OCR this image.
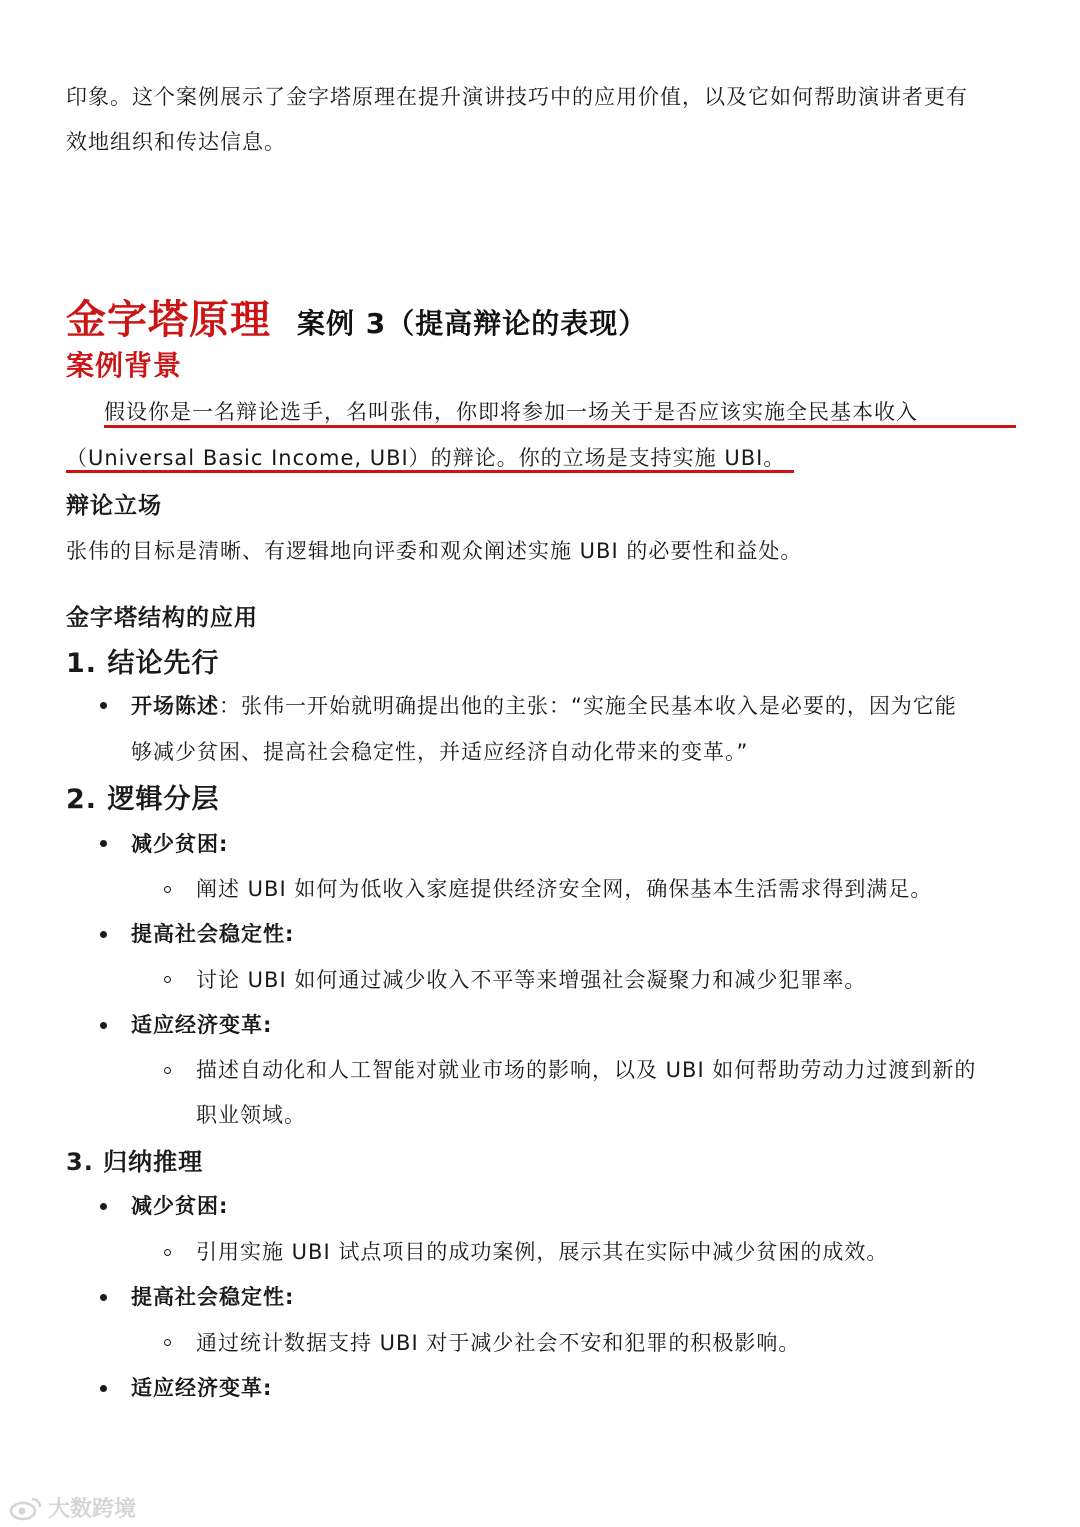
印象。这个案例展示了金字塔原理在提升演讲技巧中的应用价值，以及它如何帮助演讲者更有
效地组织和传达信息。
金字塔原理 案例 3（提高辩论的表现）
案例背景
假设你是一名辩论选手，名叫张伟，你即将参加一场关于是否应该实施全民基本收入
（Universal Basic Income, UBI）的辩论。你的立场是支持实施 UBI。
辩论立场
张伟的目标是清晰、有逻辑地向评委和观众阐述实施 UBI 的必要性和益处。
金字塔结构的应用
1. 结论先行
开场陈述：张伟一开始就明确提出他的主张：“实施全民基本收入是必要的，因为它能
够减少贫困、提高社会稳定性，并适应经济自动化带来的变革。”
2. 逻辑分层
减少贫困:
阐述 UBI 如何为低收入家庭提供经济安全网，确保基本生活需求得到满足。
提高社会稳定性:
讨论 UBI 如何通过减少收入不平等来增强社会凝聚力和减少犯罪率。
适应经济变革:
描述自动化和人工智能对就业市场的影响，以及 UBI 如何帮助劳动力过渡到新的
职业领域。
3. 归纳推理
减少贫困:
引用实施 UBI 试点项目的成功案例，展示其在实际中减少贫困的成效。
提高社会稳定性:
通过统计数据支持 UBI 对于减少社会不安和犯罪的积极影响。
适应经济变革:
大数跨境
